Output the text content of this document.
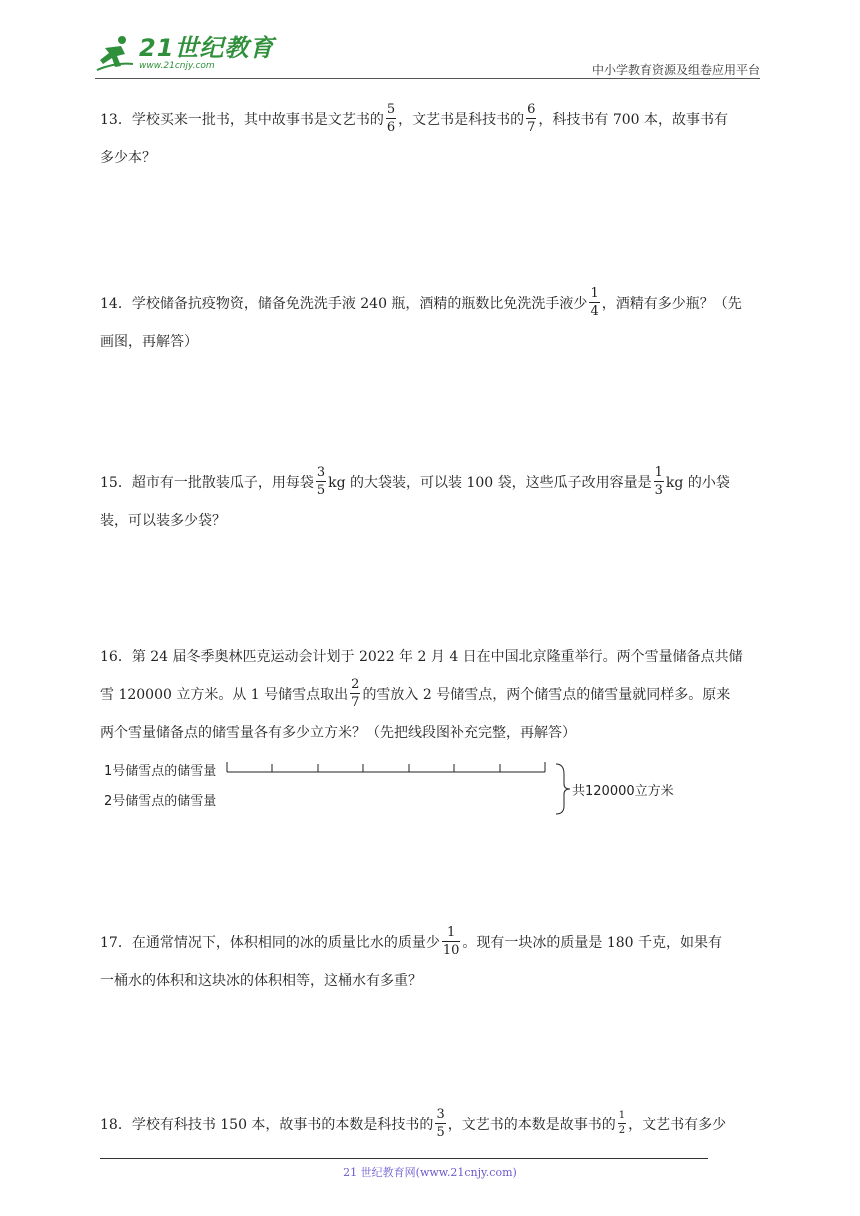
21世纪教育
www.21cnjy.com	中小学教育资源及组卷应用平台
13．学校买来一批书，其中故事书是文艺书的 $\frac{5}{6}$ ，文艺书是科技书的 $\frac{6}{7}$ ，科技书有 700 本，故事书有
多少本？
14．学校储备抗疫物资，储备免洗洗手液 240 瓶，酒精的瓶数比免洗洗手液少 $\frac{1}{4}$ ，酒精有多少瓶？（先
画图，再解答）
15．超市有一批散装瓜子，用每袋 $\frac{3}{5}$ kg 的大袋装，可以装 100 袋，这些瓜子改用容量是 $\frac{1}{3}$ kg 的小袋
装，可以装多少袋？
16．第 24 届冬季奥林匹克运动会计划于 2022 年 2 月 4 日在中国北京隆重举行。两个雪量储备点共储
雪 120000 立方米。从 1 号储雪点取出 $\frac{2}{7}$ 的雪放入 2 号储雪点，两个储雪点的储雪量就同样多。原来
两个雪量储备点的储雪量各有多少立方米？（先把线段图补充完整，再解答）
1号储雪点的储雪量
2号储雪点的储雪量
共120000立方米
17．在通常情况下，体积相同的冰的质量比水的质量少 $\frac{1}{10}$ 。现有一块冰的质量是 180 千克，如果有
一桶水的体积和这块冰的体积相等，这桶水有多重？
18．学校有科技书 150 本，故事书的本数是科技书的 $\frac{3}{5}$ ，文艺书的本数是故事书的 $\frac{1}{2}$ ，文艺书有多少
21 世纪教育网(www.21cnjy.com)
